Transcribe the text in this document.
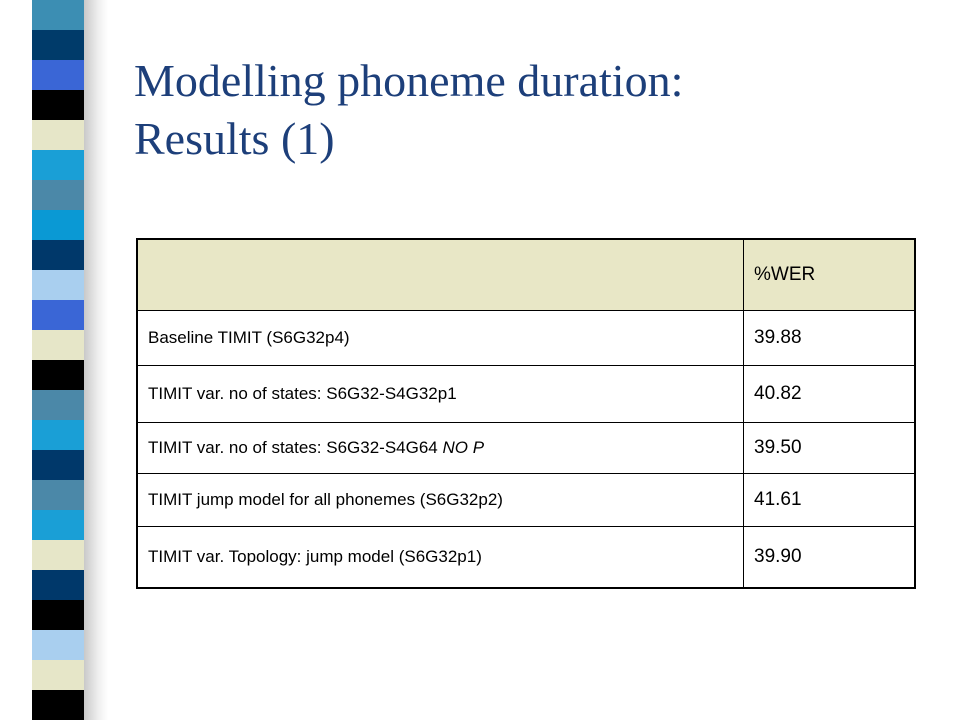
Modelling phoneme duration:
Results (1)
	%WER
Baseline TIMIT (S6G32p4)	39.88
TIMIT var. no of states: S6G32-S4G32p1	40.82
TIMIT var. no of states: S6G32-S4G64 NO P	39.50
TIMIT jump model for all phonemes (S6G32p2)	41.61
TIMIT var. Topology: jump model (S6G32p1)	39.90
